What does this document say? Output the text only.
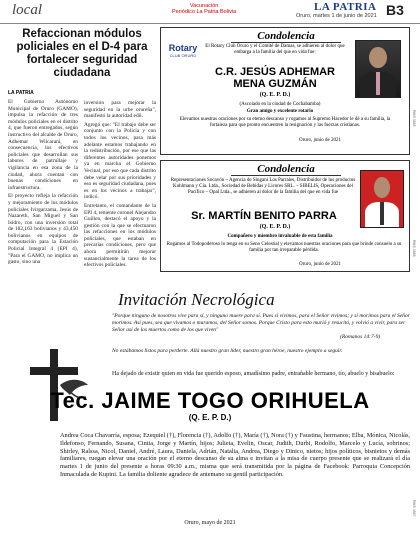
local	Vacunación
Periódico La Patria Bolivia	LA PATRIA
Oruro, martes 1 de junio de 2021 B3
Refaccionan módulos policiales en el D-4 para fortalecer seguridad ciudadana
LA PATRIA

El Gobierno Autónomo Municipal de Oruro (GAMO), impulsa la refacción de tres módulos policiales en el distrito 4, que fueron entregados, según instructivo del alcalde de Oruro, Adhemar Wilcarani, en consecuencia, los efectivos policiales que desarrollan sus labores de patrullaje y vigilancia en esa zona de la ciudad, ahora cuentan con buenas condiciones en infraestructura.

El proyecto refleja la refacción y mejoramiento de los módulos policiales Ivirgarzama, Jesús de Nazareth, San Miguel y San Isidro, con una inversión total de 182,163 bolivianos y 43,450 bolivianos en equipos de computación para la Estación Policial Integral 4 (EPI 4), "Para el GAMO, no implica un gasto, sino una

inversión para mejorar la seguridad en la urbe orureña", manifestó la autoridad edil.

Agregó que: "El trabajo debe ser conjunto con la Policía y con todos los vecinos, para más adelante estamos trabajando en la redistribución, por ese que las diferentes autoridades ponemos ya en marcha el Gobierno Vecinal, por eso que cada distrito debe velar por sus prioridades y eso es seguridad ciudadana, pues es en los vecinos a trabajar", indicó.

Entretanto, el comandante de la EPI 4, teniente coronel Alejandro Guillen, destacó el apoyo y la gestión con la que se efectuaron las refacciones en los módulos policiales, que estaban en precarias condiciones, pero que ahora permitirán mejorar sustancialmente la tarea de los efectivos policiales.

Condolencia
Rotary
CLUB ORURO
El Rotary Club Oruro y el Comité de Damas, se adhieren al dolor que embarga a la familia del que en vida fue:
C.R. JESÚS ADHEMAR
MENA GUZMÁN
(Q. E. P. D.)
(Ascoiado en la ciudad de Cochabamba)
Gran amigo y excelente rotario
Elevamos nuestras oraciones por su eterno descanso y rogamos al Supremo Hacedor le dé a su familia, la fortaleza para que pronto encuentren la resignación y las fuerzas cristianas.
Oruro, junio de 2021
Condolencia
Representaciones Socavón – Agencia de Singani Los Parrales, Distribuidor de los productos Kuhlmann y Cía. Ltda., Sociedad de Bebidas y Licores SRL. – SIBELIS, Operaciones del Pacífico – Opal Ltda., se adhieren al dolor de la familia del que en vida fue
Sr. MARTÍN BENITO PARRA
(Q. E. P. D.)
Compañero y miembro invaluable de esta familia
Rogamos al Todopoderoso lo tenga en su Seno Celestial y elevamos nuestras oraciones para que brinde consuelo a su familia por tan irreparable pérdida.
Oruro, junio de 2021
RMS 4585
RMS 4586
RMS 4587
Invitación Necrológica
"Porque ninguno de nosotros vive para sí, y ninguno muere para sí. Pues si vivimos, para el Señor vivimos; y si morimos para el Señor morimos. Así pues, sea que vivamos o muramos, del Señor somos. Porque Cristo para esto murió y resucitó, y volvió a vivir, para ser Señor así de los muertos como de los que viven"
(Romanos 14:7-9)
No estábamos listos para perderte. Allá nuestro gran líder, nuestro gran héroe, nuestro ejemplo a seguir.
Ha dejado de existir quien en vida fue querido esposo, amadísimo padre, entrañable hermano, tío, abuelo y bisabuelo:
Tec. JAIME TOGO ORIHUELA
(Q. E. P. D.)
Andrea Coca Chavarría, esposa; Ezequiel (†), Florencia (†), Adolfo (†), María (†), Nora (†) y Faustina, hermanos; Elba, Mónica, Nicolás, Ildefonso, Fernando, Susana, Cintia, Jorge y Martín, hijos; Julieta, Evelin, Oscar, Judith, Durbi, Rodolfo, Marcelo y Lucía, sobrinos; Shirley, Ralssa, Nicol, Daniel, André, Laura, Daniela, Adrián, Natalia, Andrea, Diego y Dinico, nietos; hijos políticos, bisnietos y demás familiares, ruegan elevar una oración por el eterno descanso de su alma e invitan a la misa de cuerpo presente que se realizará el día martes 1 de junio del presente a horas 09:30 a.m., misma que será transmitida por la página de Facebook: Parroquia Concepción Inmaculada de Kupini. La familia doliente agradece de antemano su gentil participación.
Oruro, mayo de 2021
